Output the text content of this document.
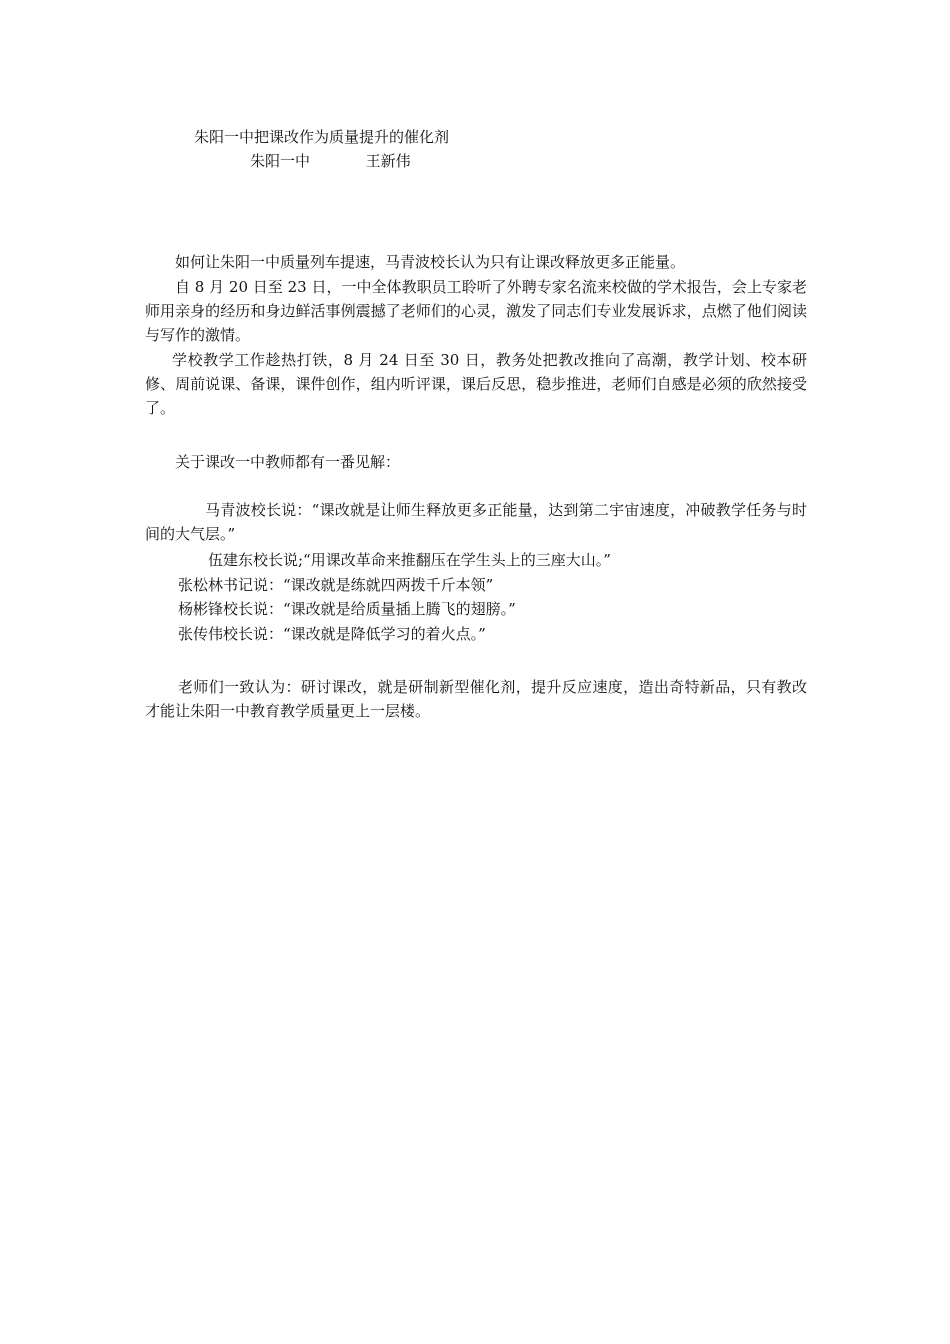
朱阳一中把课改作为质量提升的催化剂
朱阳一中	王新伟
如何让朱阳一中质量列车提速，马青波校长认为只有让课改释放更多正能量。
自 8 月 20 日至 23 日，一中全体教职员工聆听了外聘专家名流来校做的学术报告，会上专家老师用亲身的经历和身边鲜活事例震撼了老师们的心灵，激发了同志们专业发展诉求，点燃了他们阅读与写作的激情。
学校教学工作趁热打铁，8 月 24 日至 30 日，教务处把教改推向了高潮，教学计划、校本研修、周前说课、备课，课件创作，组内听评课，课后反思，稳步推进，老师们自感是必须的欣然接受了。
关于课改一中教师都有一番见解：
马青波校长说：“课改就是让师生释放更多正能量，达到第二宇宙速度，冲破教学任务与时间的大气层。”
伍建东校长说;“用课改革命来推翻压在学生头上的三座大山。”
张松林书记说：“课改就是练就四两拨千斤本领”
杨彬锋校长说：“课改就是给质量插上腾飞的翅膀。”
张传伟校长说：“课改就是降低学习的着火点。”
老师们一致认为：研讨课改，就是研制新型催化剂，提升反应速度，造出奇特新品，只有教改才能让朱阳一中教育教学质量更上一层楼。
